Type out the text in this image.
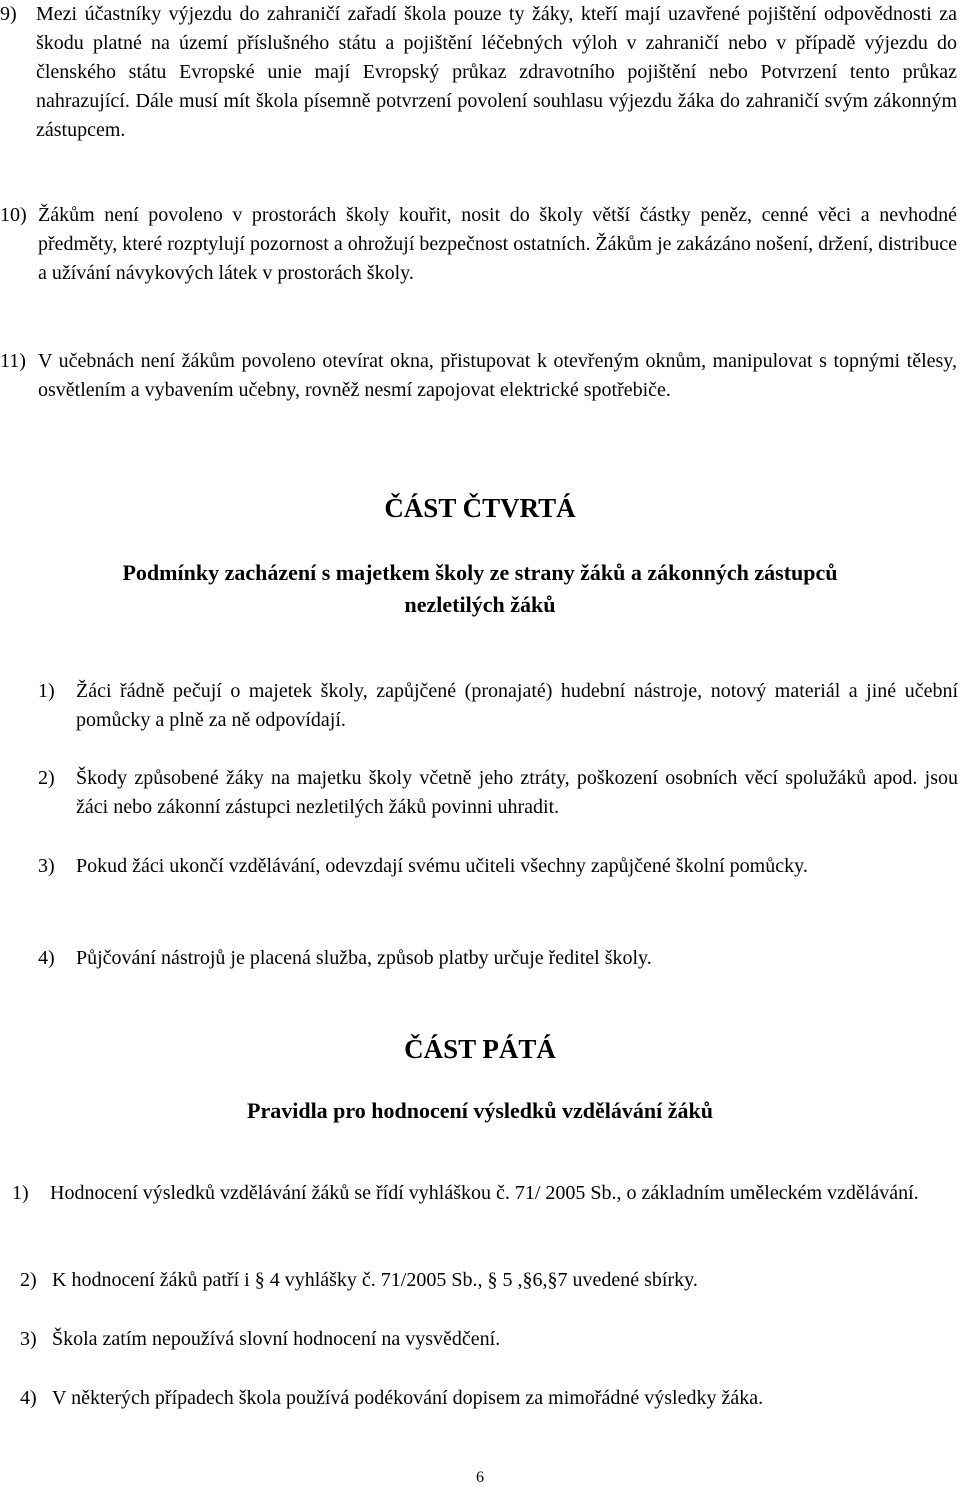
9) Mezi účastníky výjezdu do zahraničí zařadí škola pouze ty žáky, kteří mají uzavřené pojištění odpovědnosti za škodu platné na území příslušného státu a pojištění léčebných výloh v zahraničí nebo v případě výjezdu do členského státu Evropské unie mají Evropský průkaz zdravotního pojištění nebo Potvrzení tento průkaz nahrazující. Dále musí mít škola písemně potvrzení povolení souhlasu výjezdu žáka do zahraničí svým zákonným zástupcem.
10) Žákům není povoleno v prostorách školy kouřit, nosit do školy větší částky peněz, cenné věci a nevhodné předměty, které rozptylují pozornost a ohrožují bezpečnost ostatních. Žákům je zakázáno nošení, držení, distribuce a užívání návykových látek v prostorách školy.
11) V učebnách není žákům povoleno otevírat okna, přistupovat k otevřeným oknům, manipulovat s topnými tělesy, osvětlením a vybavením učebny, rovněž nesmí zapojovat elektrické spotřebiče.
ČÁST ČTVRTÁ
Podmínky zacházení s majetkem školy ze strany žáků a zákonných zástupců
nezletilých žáků
1)	Žáci řádně pečují o majetek školy, zapůjčené (pronajaté) hudební nástroje, notový materiál a jiné učební pomůcky a plně za ně odpovídají.
2)	Škody způsobené žáky na majetku školy včetně jeho ztráty, poškození osobních věcí spolužáků apod. jsou žáci nebo zákonní zástupci nezletilých žáků povinni uhradit.
3)	Pokud žáci ukončí vzdělávání, odevzdají svému učiteli všechny zapůjčené školní pomůcky.
4)	Půjčování nástrojů je placená služba, způsob platby určuje ředitel školy.
ČÁST PÁTÁ
Pravidla pro hodnocení výsledků vzdělávání žáků
1)	Hodnocení výsledků vzdělávání žáků se řídí vyhláškou č. 71/ 2005 Sb., o základním uměleckém vzdělávání.
2) K hodnocení žáků patří i § 4 vyhlášky č. 71/2005 Sb., § 5 ,§6,§7 uvedené sbírky.
3) Škola zatím nepoužívá slovní hodnocení na vysvědčení.
4) V některých případech škola používá podékování dopisem za mimořádné výsledky žáka.
6
